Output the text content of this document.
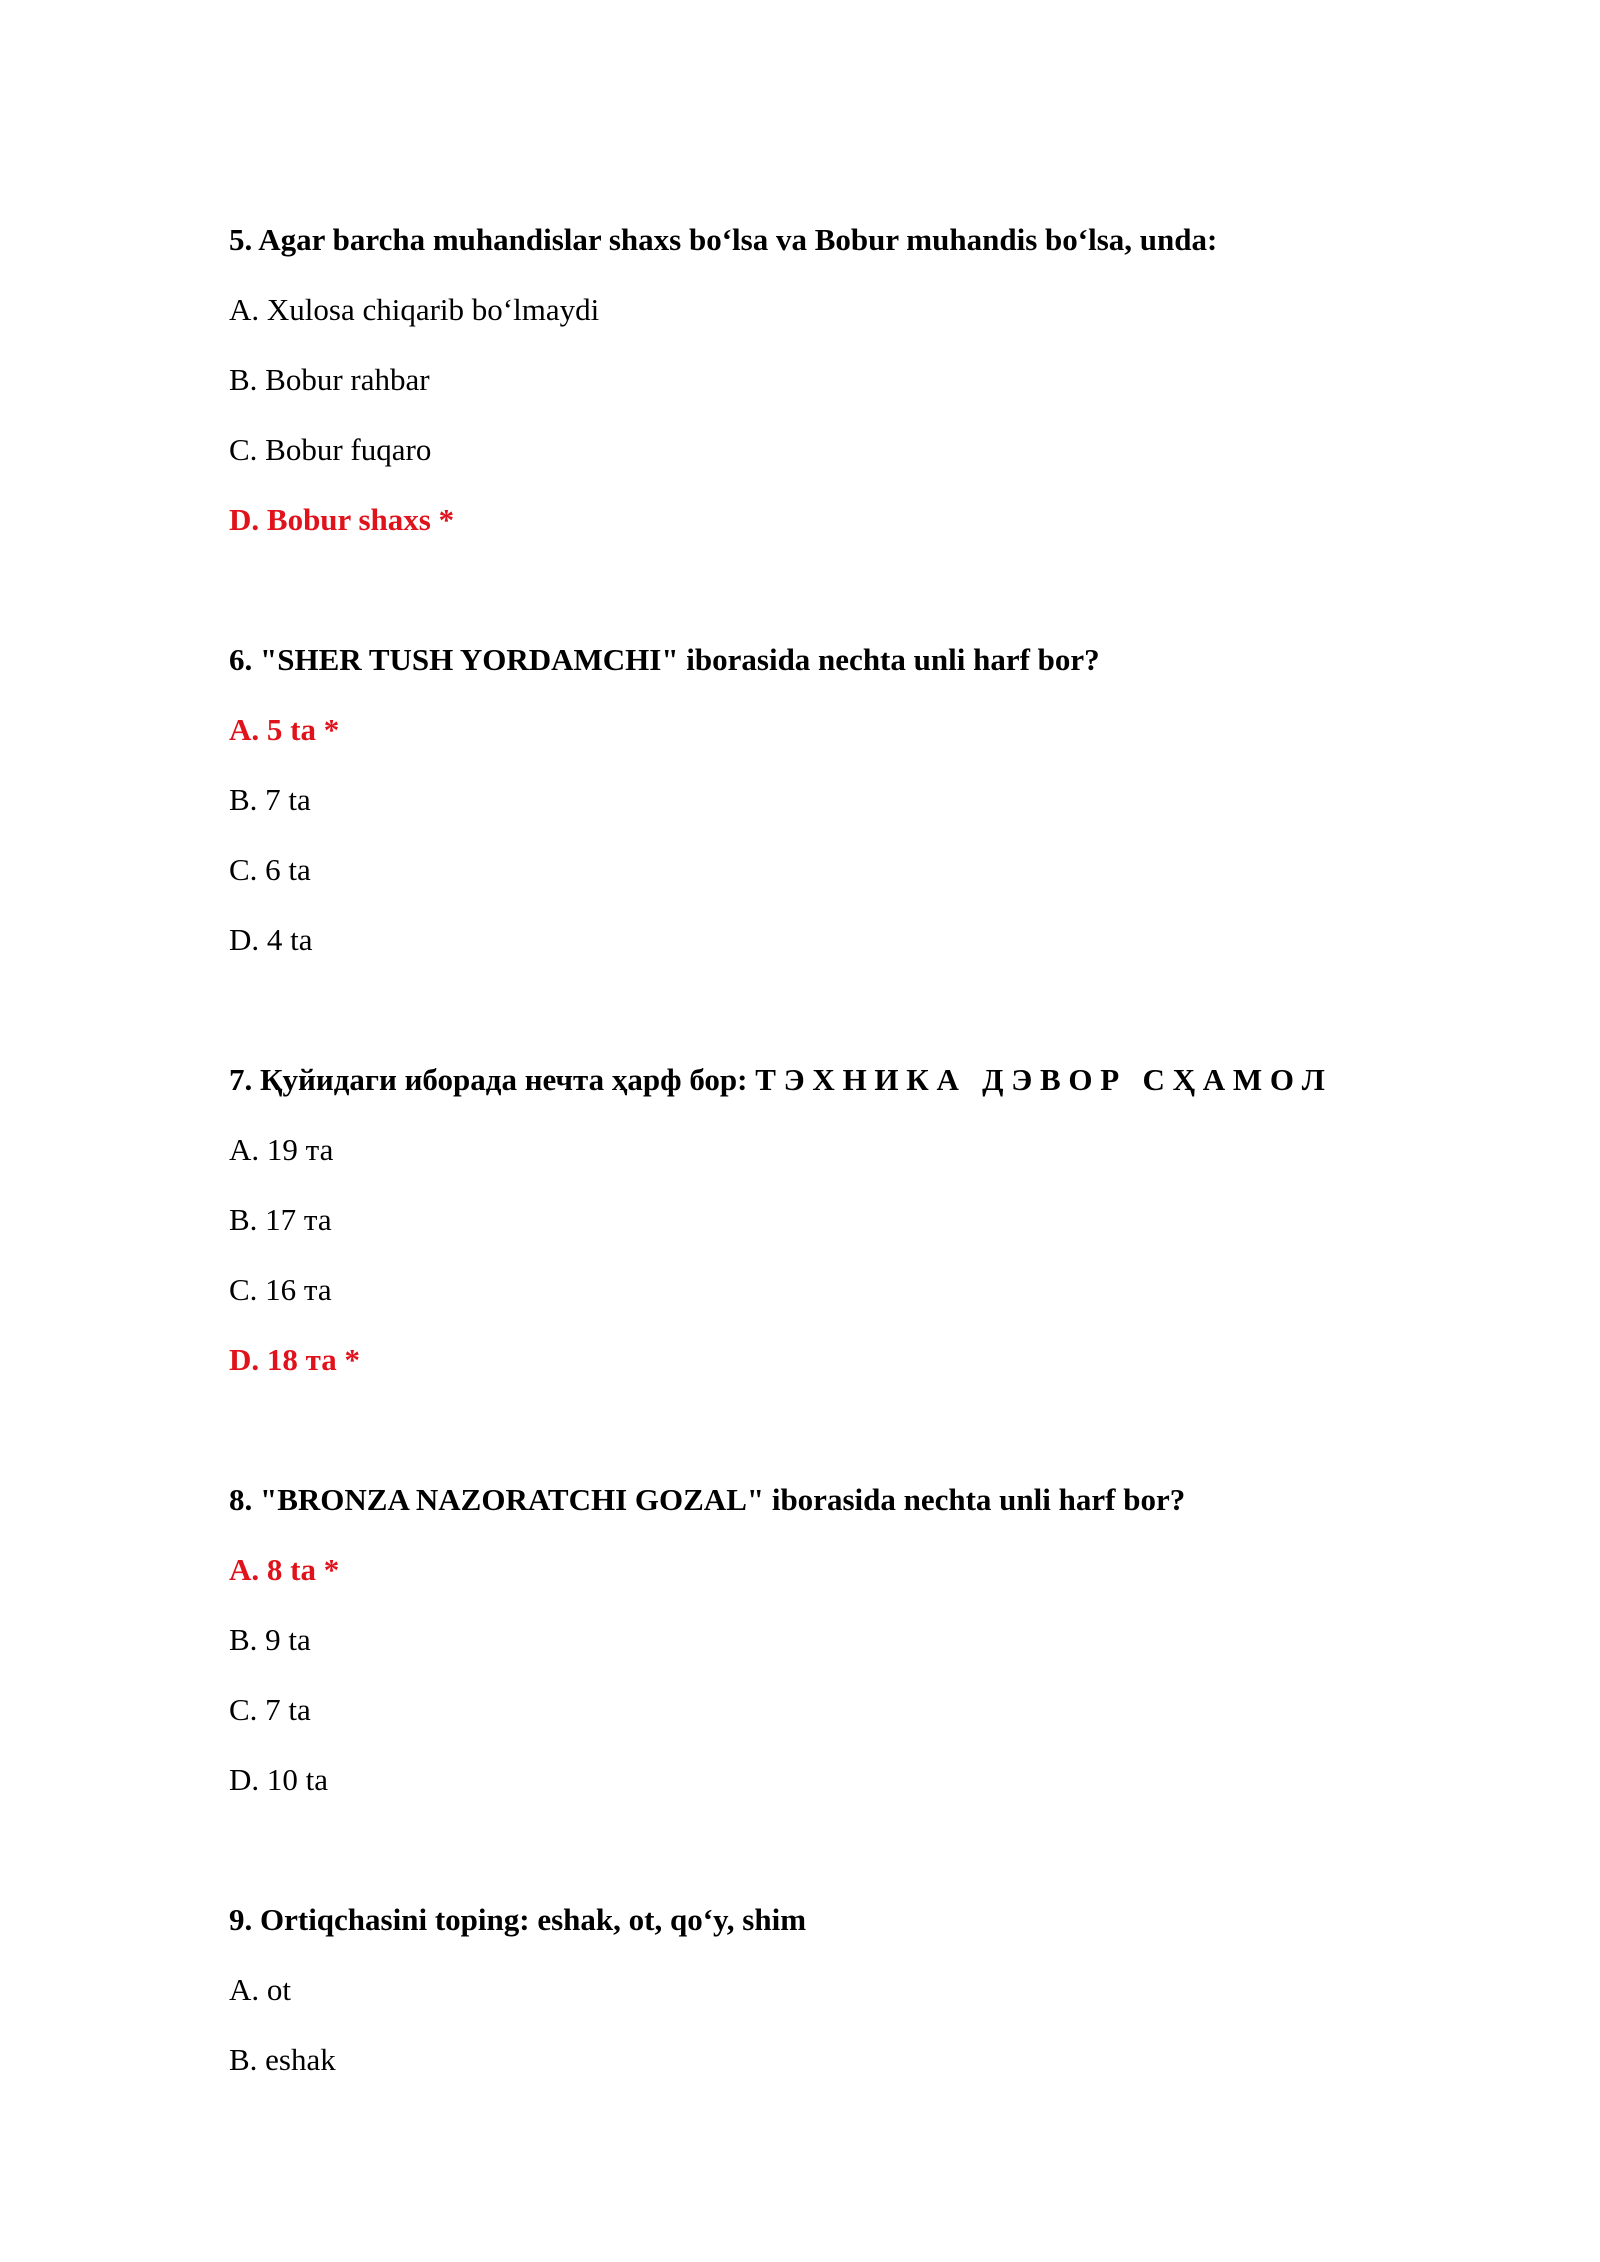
5. Agar barcha muhandislar shaxs bo‘lsa va Bobur muhandis bo‘lsa, unda:
A. Xulosa chiqarib bo‘lmaydi
B. Bobur rahbar
C. Bobur fuqaro
D. Bobur shaxs *
6. "SHER TUSH YORDAMCHI" iborasida nechta unli harf bor?
A. 5 ta *
B. 7 ta
C. 6 ta
D. 4 ta
7. Қуйидаги иборада нечта ҳарф бор: Т Э Х Н И К А   Д Э В О Р   С Ҳ А М О Л
A. 19 та
B. 17 та
C. 16 та
D. 18 та *
8. "BRONZA NAZORATCHI GOZAL" iborasida nechta unli harf bor?
A. 8 ta *
B. 9 ta
C. 7 ta
D. 10 ta
9. Ortiqchasini toping: eshak, ot, qo‘y, shim
A. ot
B. eshak
